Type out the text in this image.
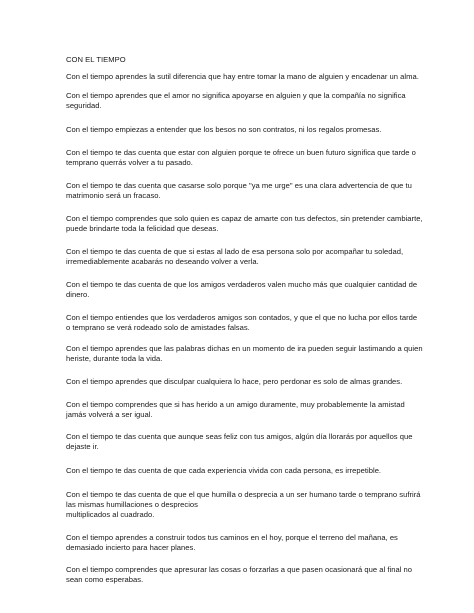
CON EL TIEMPO
Con el tiempo aprendes la sutil diferencia que hay entre tomar la mano de alguien y encadenar un alma.
Con el tiempo aprendes que el amor no significa apoyarse en alguien y que la compañía no significa
seguridad.
Con el tiempo empiezas a entender que los besos no son contratos, ni los regalos promesas.
Con el tiempo te das cuenta que estar con alguien porque te ofrece un buen futuro significa que tarde o
temprano querrás volver a tu pasado.
Con el tiempo te das cuenta que casarse solo porque "ya me urge" es una clara advertencia de que tu
matrimonio será un fracaso.
Con el tiempo comprendes que solo quien es capaz de amarte con tus defectos, sin pretender cambiarte,
puede brindarte toda la felicidad que deseas.
Con el tiempo te das cuenta de que si estas al lado de esa persona solo por acompañar tu soledad,
irremediablemente acabarás no deseando volver a verla.
Con el tiempo te das cuenta de que los amigos verdaderos valen mucho más que cualquier cantidad de
dinero.
Con el tiempo entiendes que los verdaderos amigos son contados, y que el que no lucha por ellos tarde
o temprano se verá rodeado solo de amistades falsas.
Con el tiempo aprendes que las palabras dichas en un momento de ira pueden seguir lastimando a quien
heriste, durante toda la vida.
Con el tiempo aprendes que disculpar cualquiera lo hace, pero perdonar es solo de almas grandes.
Con el tiempo comprendes que si has herido a un amigo duramente, muy probablemente la amistad
jamás volverá a ser igual.
Con el tiempo te das cuenta que aunque seas feliz con tus amigos, algún día llorarás por aquellos que
dejaste ir.
Con el tiempo te das cuenta de que cada experiencia vivida con cada persona, es irrepetible.
Con el tiempo te das cuenta de que el que humilla o desprecia a un ser humano tarde o temprano sufrirá
las mismas humillaciones o desprecios
multiplicados al cuadrado.
Con el tiempo aprendes a construir todos tus caminos en el hoy, porque el terreno del mañana, es
demasiado incierto para hacer planes.
Con el tiempo comprendes que apresurar las cosas o forzarlas a que pasen ocasionará que al final no
sean como esperabas.
